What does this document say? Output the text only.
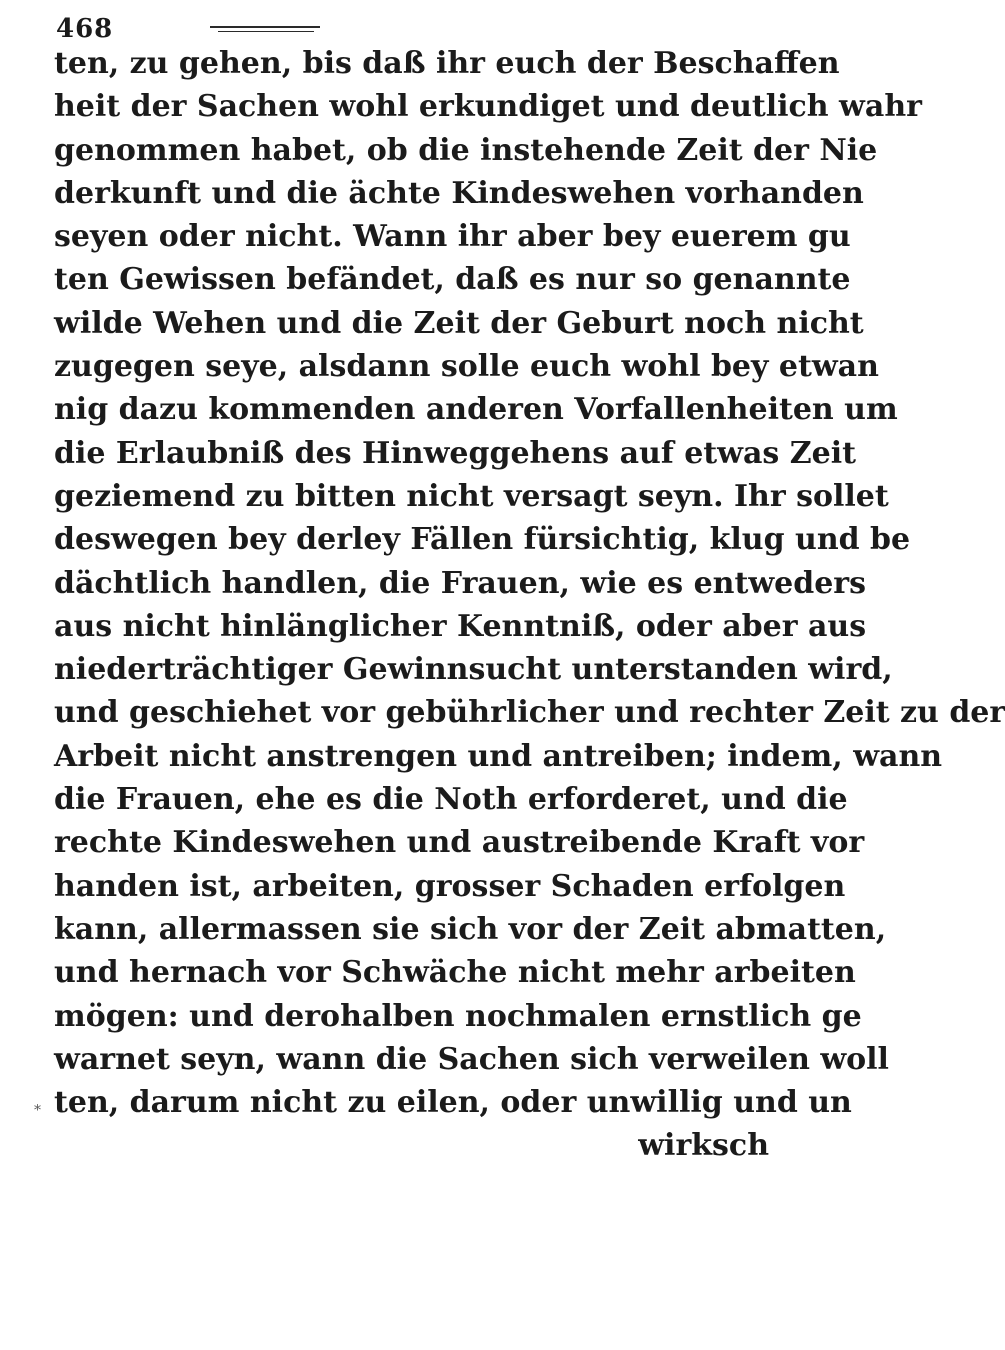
468
⁎
ten, zu gehen, bis daß ihr euch der Beschaffen
heit der Sachen wohl erkundiget und deutlich wahr
genommen habet, ob die instehende Zeit der Nie
derkunft und die ächte Kindeswehen vorhanden
seyen oder nicht. Wann ihr aber bey euerem gu
ten Gewissen befändet, daß es nur so genannte
wilde Wehen und die Zeit der Geburt noch nicht
zugegen seye, alsdann solle euch wohl bey etwan
nig dazu kommenden anderen Vorfallenheiten um
die Erlaubniß des Hinweggehens auf etwas Zeit
geziemend zu bitten nicht versagt seyn. Ihr sollet
deswegen bey derley Fällen fürsichtig, klug und be
dächtlich handlen, die Frauen, wie es entweders
aus nicht hinlänglicher Kenntniß, oder aber aus
niederträchtiger Gewinnsucht unterstanden wird,
und geschiehet vor gebührlicher und rechter Zeit zu der
Arbeit nicht anstrengen und antreiben; indem, wann
die Frauen, ehe es die Noth erforderet, und die
rechte Kindeswehen und austreibende Kraft vor
handen ist, arbeiten, grosser Schaden erfolgen
kann, allermassen sie sich vor der Zeit abmatten,
und hernach vor Schwäche nicht mehr arbeiten
mögen: und derohalben nochmalen ernstlich ge
warnet seyn, wann die Sachen sich verweilen woll
ten, darum nicht zu eilen, oder unwillig und un
wirksch
